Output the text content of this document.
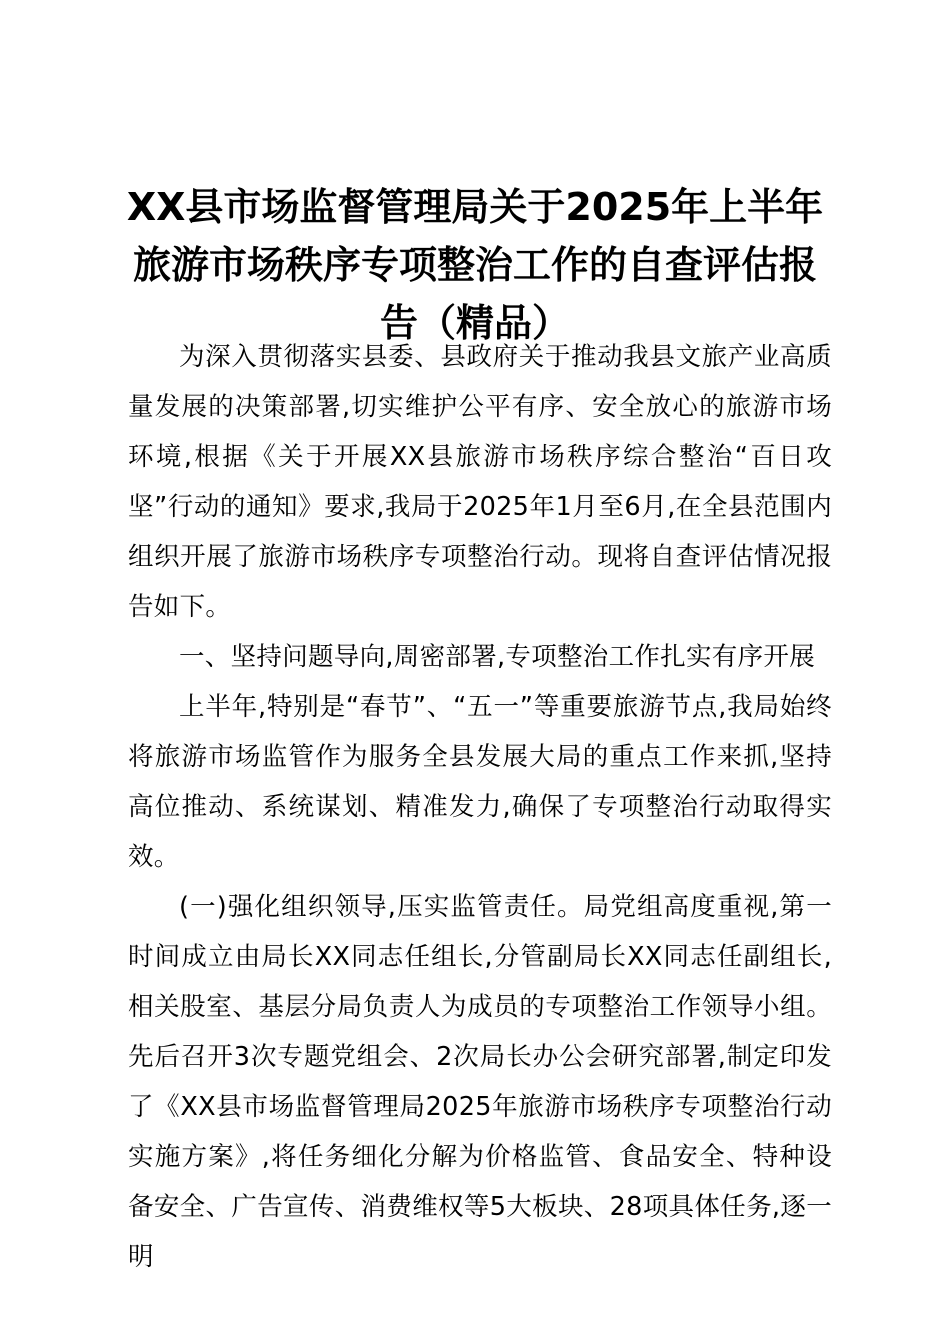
XX县市场监督管理局关于2025年上半年旅游市场秩序专项整治工作的自查评估报告（精品）

为深入贯彻落实县委、县政府关于推动我县文旅产业高质量发展的决策部署,切实维护公平有序、安全放心的旅游市场环境,根据《关于开展XX县旅游市场秩序综合整治“百日攻坚”行动的通知》要求,我局于2025年1月至6月,在全县范围内组织开展了旅游市场秩序专项整治行动。现将自查评估情况报告如下。

一、坚持问题导向,周密部署,专项整治工作扎实有序开展

上半年,特别是“春节”、“五一”等重要旅游节点,我局始终将旅游市场监管作为服务全县发展大局的重点工作来抓,坚持高位推动、系统谋划、精准发力,确保了专项整治行动取得实效。

(一)强化组织领导,压实监管责任。局党组高度重视,第一时间成立由局长XX同志任组长,分管副局长XX同志任副组长,相关股室、基层分局负责人为成员的专项整治工作领导小组。先后召开3次专题党组会、2次局长办公会研究部署,制定印发了《XX县市场监督管理局2025年旅游市场秩序专项整治行动实施方案》,将任务细化分解为价格监管、食品安全、特种设备安全、广告宣传、消费维权等5大板块、28项具体任务,逐一明
